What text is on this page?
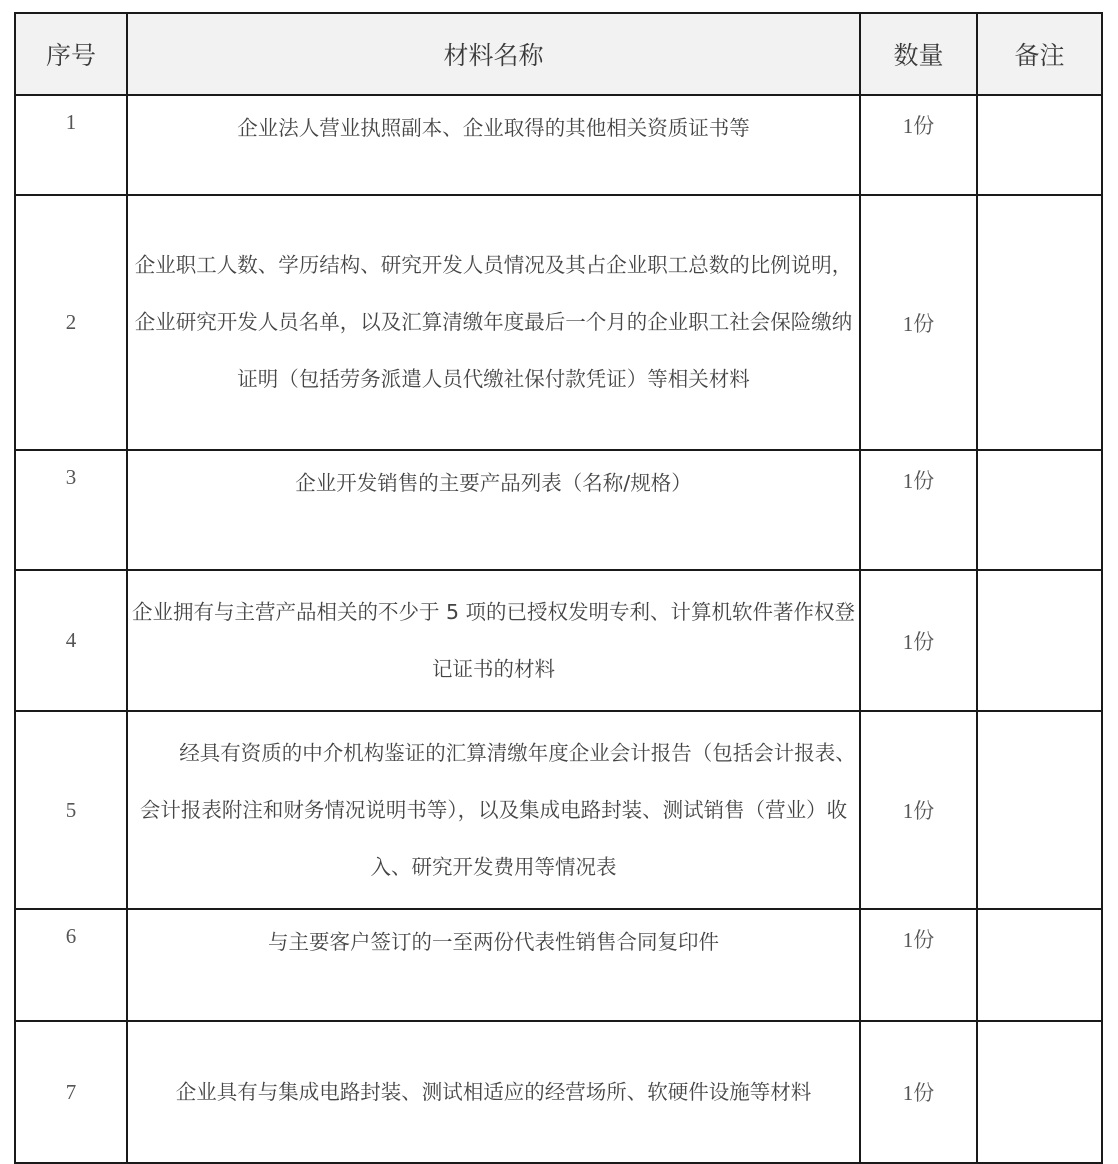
序号	材料名称	数量	备注
1	企业法人营业执照副本、企业取得的其他相关资质证书等	1份	
2	企业职工人数、学历结构、研究开发人员情况及其占企业职工总数的比例说明，企业研究开发人员名单，以及汇算清缴年度最后一个月的企业职工社会保险缴纳证明（包括劳务派遣人员代缴社保付款凭证）等相关材料	1份	
3	企业开发销售的主要产品列表（名称/规格）	1份	
4	企业拥有与主营产品相关的不少于 5 项的已授权发明专利、计算机软件著作权登记证书的材料	1份	
5	经具有资质的中介机构鉴证的汇算清缴年度企业会计报告（包括会计报表、会计报表附注和财务情况说明书等），以及集成电路封装、测试销售（营业）收入、研究开发费用等情况表	1份	
6	与主要客户签订的一至两份代表性销售合同复印件	1份	
7	企业具有与集成电路封装、测试相适应的经营场所、软硬件设施等材料	1份	
